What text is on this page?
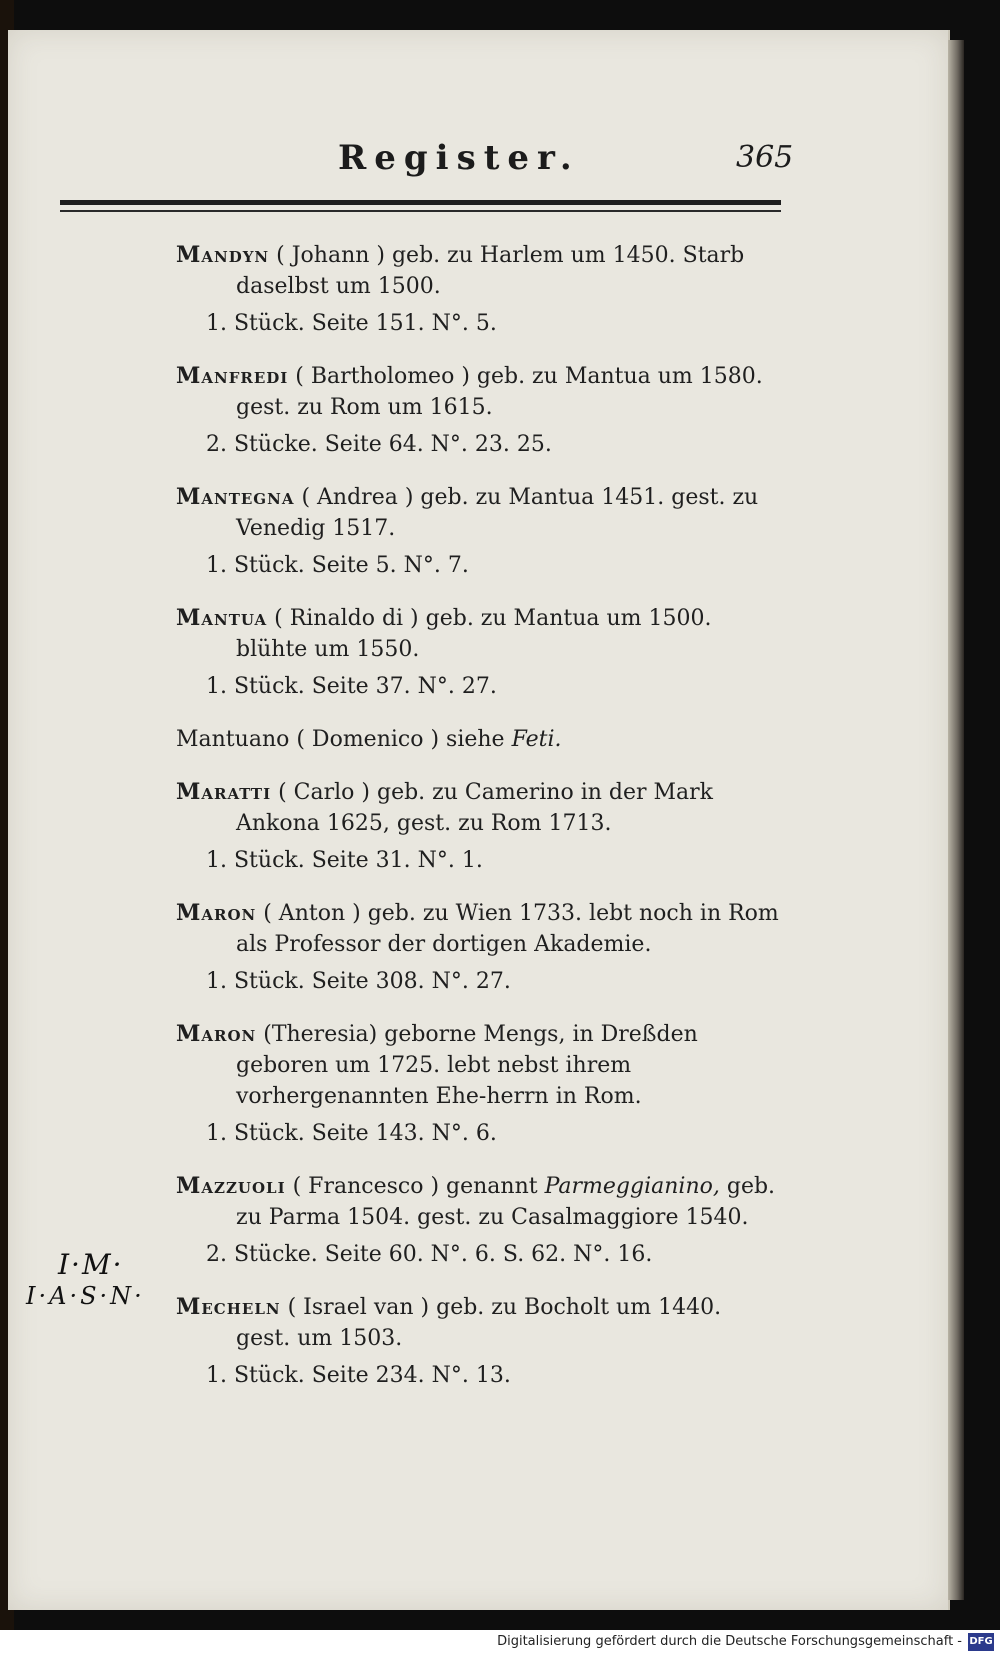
Register.	365
Mandyn ( Johann ) geb. zu Harlem um 1450. Starb daselbst um 1500.
1. Stück. Seite 151. N°. 5.
Manfredi ( Bartholomeo ) geb. zu Mantua um 1580. gest. zu Rom um 1615.
2. Stücke. Seite 64. N°. 23. 25.
Mantegna ( Andrea ) geb. zu Mantua 1451. gest. zu Venedig 1517.
1. Stück. Seite 5. N°. 7.
Mantua ( Rinaldo di ) geb. zu Mantua um 1500. blühte um 1550.
1. Stück. Seite 37. N°. 27.
Mantuano ( Domenico ) siehe Feti.
Maratti ( Carlo ) geb. zu Camerino in der Mark Ankona 1625, gest. zu Rom 1713.
1. Stück. Seite 31. N°. 1.
Maron ( Anton ) geb. zu Wien 1733. lebt noch in Rom als Professor der dortigen Akademie.
1. Stück. Seite 308. N°. 27.
Maron (Theresia) geborne Mengs, in Dreßden geboren um 1725. lebt nebst ihrem vorhergenannten Ehe-herrn in Rom.
1. Stück. Seite 143. N°. 6.
Mazzuoli ( Francesco ) genannt Parmeggianino, geb. zu Parma 1504. gest. zu Casalmaggiore 1540.
2. Stücke. Seite 60. N°. 6. S. 62. N°. 16.
Mecheln ( Israel van ) geb. zu Bocholt um 1440. gest. um 1503.
1. Stück. Seite 234. N°. 13.
I·M·
I·A·S·N·
Digitalisierung gefördert durch die Deutsche Forschungsgemeinschaft - DFG
